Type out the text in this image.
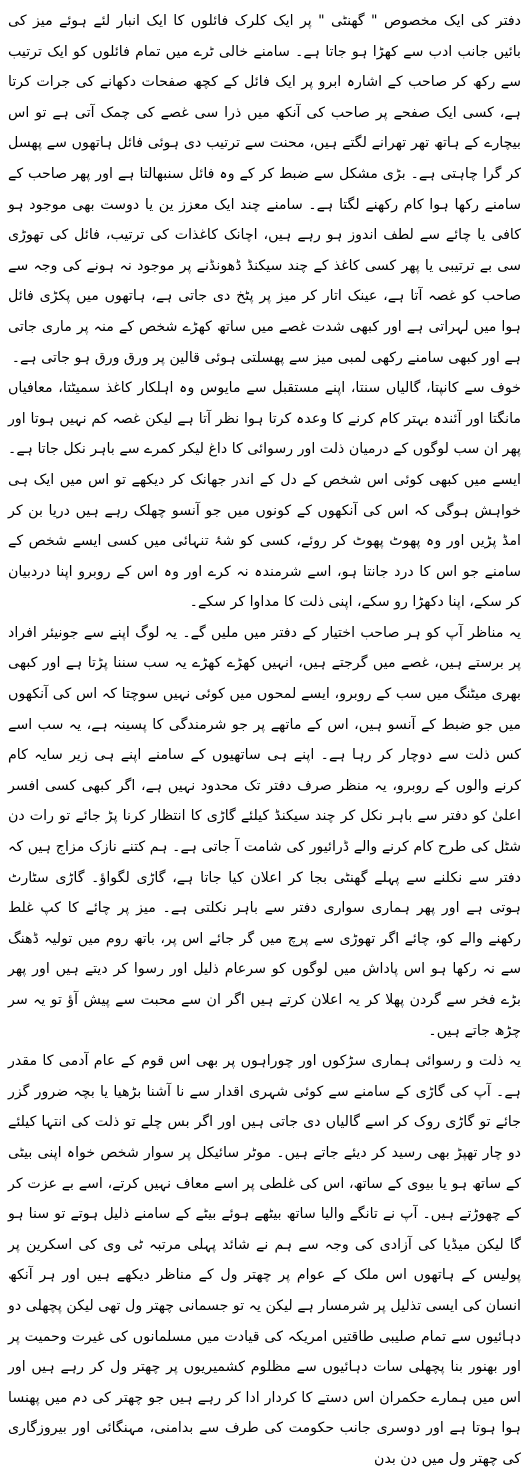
دفتر کی ایک مخصوص " گھنٹی " پر ایک کلرک فائلوں کا ایک انبار لئے ہوئے میز کی بائیں جانب ادب سے کھڑا ہو جاتا ہے۔ سامنے خالی ٹرے میں تمام فائلوں کو ایک ترتیب سے رکھ کر صاحب کے اشارہ ابرو پر ایک فائل کے کچھ صفحات دکھانے کی جرات کرتا ہے، کسی ایک صفحے پر صاحب کی آنکھ میں ذرا سی غصے کی چمک آتی ہے تو اس بیچارے کے ہاتھ تھر تھرانے لگتے ہیں، محنت سے ترتیب دی ہوئی فائل ہاتھوں سے پھسل کر گرا چاہتی ہے۔ بڑی مشکل سے ضبط کر کے وہ فائل سنبھالتا ہے اور پھر صاحب کے سامنے رکھا ہوا کام رکھنے لگتا ہے۔ سامنے چند ایک معزز ین یا دوست بھی موجود ہو کافی یا چائے سے لطف اندوز ہو رہے ہیں، اچانک کاغذات کی ترتیب، فائل کی تھوڑی سی بے ترتیبی یا پھر کسی کاغذ کے چند سیکنڈ ڈھونڈنے پر موجود نہ ہونے کی وجہ سے صاحب کو غصہ آتا ہے، عینک اتار کر میز پر پٹخ دی جاتی ہے، ہاتھوں میں پکڑی فائل ہوا میں لہراتی ہے اور کبھی شدت غصے میں ساتھ کھڑے شخص کے منہ پر ماری جاتی ہے اور کبھی سامنے رکھی لمبی میز سے پھسلتی ہوئی قالین پر ورق ورق ہو جاتی ہے۔

خوف سے کانپتا، گالیاں سنتا، اپنے مستقبل سے مایوس وہ اہلکار کاغذ سمیٹتا، معافیاں مانگتا اور آئندہ بہتر کام کرنے کا وعدہ کرتا ہوا نظر آتا ہے لیکن غصہ کم نہیں ہوتا اور پھر ان سب لوگوں کے درمیان ذلت اور رسوائی کا داغ لیکر کمرے سے باہر نکل جاتا ہے۔ ایسے میں کبھی کوئی اس شخص کے دل کے اندر جھانک کر دیکھے تو اس میں ایک ہی خواہش ہوگی کہ اس کی آنکھوں کے کونوں میں جو آنسو چھلک رہے ہیں دریا بن کر امڈ پڑیں اور وہ پھوٹ پھوٹ کر روئے، کسی کو شۂ تنہائی میں کسی ایسے شخص کے سامنے جو اس کا درد جانتا ہو، اسے شرمندہ نہ کرے اور وہ اس کے روبرو اپنا دردبیان کر سکے، اپنا دکھڑا رو سکے، اپنی ذلت کا مداوا کر سکے۔

یہ مناظر آپ کو ہر صاحب اختیار کے دفتر میں ملیں گے۔ یہ لوگ اپنے سے جونیئر افراد پر برستے ہیں، غصے میں گرجتے ہیں، انہیں کھڑے کھڑے یہ سب سننا پڑتا ہے اور کبھی بھری میٹنگ میں سب کے روبرو، ایسے لمحوں میں کوئی نہیں سوچتا کہ اس کی آنکھوں میں جو ضبط کے آنسو ہیں، اس کے ماتھے پر جو شرمندگی کا پسینہ ہے، یہ سب اسے کس ذلت سے دوچار کر رہا ہے۔ اپنے ہی ساتھیوں کے سامنے اپنے ہی زیر سایہ کام کرنے والوں کے روبرو، یہ منظر صرف دفتر تک محدود نہیں ہے، اگر کبھی کسی افسر اعلیٰ کو دفتر سے باہر نکل کر چند سیکنڈ کیلئے گاڑی کا انتظار کرنا پڑ جائے تو رات دن شٹل کی طرح کام کرنے والے ڈرائیور کی شامت آ جاتی ہے۔ ہم کتنے نازک مزاج ہیں کہ دفتر سے نکلنے سے پہلے گھنٹی بجا کر اعلان کیا جاتا ہے، گاڑی لگواؤ۔ گاڑی سٹارٹ ہوتی ہے اور پھر ہماری سواری دفتر سے باہر نکلتی ہے۔ میز پر چائے کا کپ غلط رکھنے والے کو، چائے اگر تھوڑی سے پرچ میں گر جائے اس پر، باتھ روم میں تولیہ ڈھنگ سے نہ رکھا ہو اس پاداش میں لوگوں کو سرعام ذلیل اور رسوا کر دیتے ہیں اور پھر بڑے فخر سے گردن پھلا کر یہ اعلان کرتے ہیں اگر ان سے محبت سے پیش آؤ تو یہ سر چڑھ جاتے ہیں۔

یہ ذلت و رسوائی ہماری سڑکوں اور چوراہوں پر بھی اس قوم کے عام آدمی کا مقدر ہے۔ آپ کی گاڑی کے سامنے سے کوئی شہری اقدار سے نا آشنا بڑھیا یا بچہ ضرور گزر جائے تو گاڑی روک کر اسے گالیاں دی جاتی ہیں اور اگر بس چلے تو ذلت کی انتہا کیلئے دو چار تھپڑ بھی رسید کر دیئے جاتے ہیں۔ موٹر سائیکل پر سوار شخص خواہ اپنی بیٹی کے ساتھ ہو یا بیوی کے ساتھ، اس کی غلطی پر اسے معاف نہیں کرتے، اسے بے عزت کر کے چھوڑتے ہیں۔ آپ نے تانگے والیا ساتھ بیٹھے ہوئے بیٹے کے سامنے ذلیل ہوتے تو سنا ہو گا لیکن میڈیا کی آزادی کی وجہ سے ہم نے شائد پہلی مرتبہ ٹی وی کی اسکرین پر پولیس کے ہاتھوں اس ملک کے عوام پر چھتر ول کے مناظر دیکھے ہیں اور ہر آنکھ انسان کی ایسی تذلیل پر شرمسار ہے لیکن یہ تو جسمانی چھتر ول تھی لیکن پچھلی دو دہائیوں سے تمام صلیبی طاقتیں امریکہ کی قیادت میں مسلمانوں کی غیرت وحمیت پر اور بھنور بنا پچھلی سات دہائیوں سے مظلوم کشمیریوں پر چھتر ول کر رہے ہیں اور اس میں ہمارے حکمران اس دستے کا کردار ادا کر رہے ہیں جو چھتر کی دم میں پھنسا ہوا ہوتا ہے اور دوسری جانب حکومت کی طرف سے بدامنی، مہنگائی اور بیروزگاری کی چھتر ول میں دن بدن
